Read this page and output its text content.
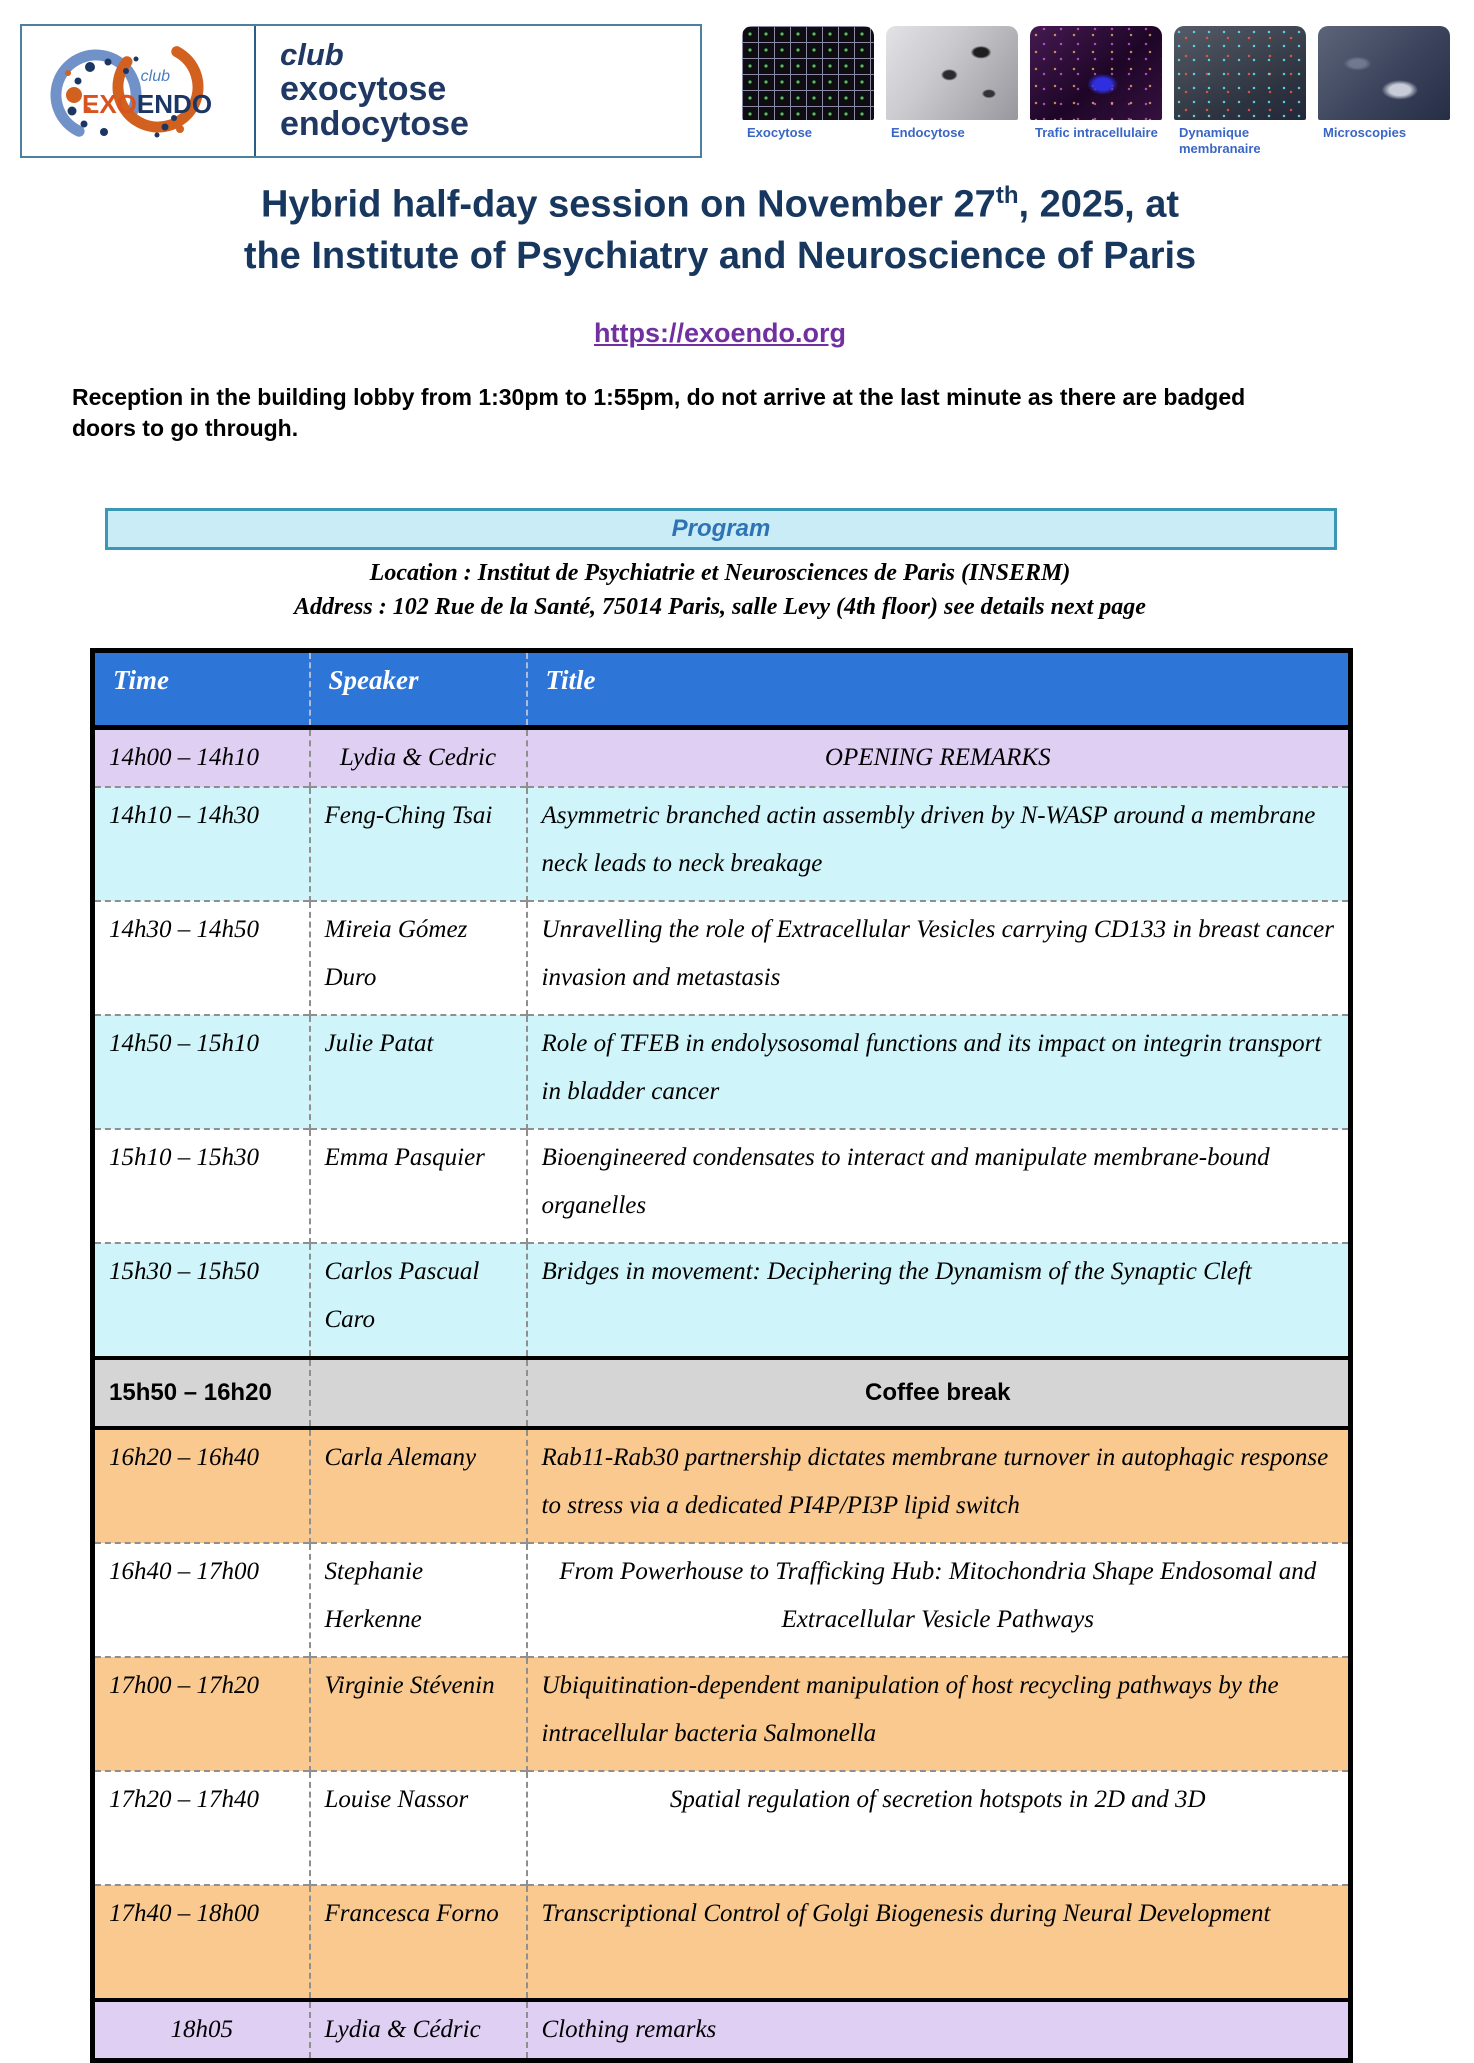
club
EXOENDO
club
exocytose
endocytose	Exocytose	Endocytose	Trafic intracellulaire	Dynamique membranaire
Microscopies
Hybrid half-day session on November 27th, 2025, at
the Institute of Psychiatry and Neuroscience of Paris
https://exoendo.org
Reception in the building lobby from 1:30pm to 1:55pm, do not arrive at the last minute as there are badged doors to go through.
Program
Location : Institut de Psychiatrie et Neurosciences de Paris (INSERM)
Address : 102 Rue de la Santé, 75014 Paris, salle Levy (4th floor) see details next page
Time	Speaker	Title
14h00 – 14h10	Lydia & Cedric	OPENING REMARKS
14h10 – 14h30	Feng-Ching Tsai	Asymmetric branched actin assembly driven by N-WASP around a membrane neck leads to neck breakage
14h30 – 14h50	Mireia Gómez Duro	Unravelling the role of Extracellular Vesicles carrying CD133 in breast cancer invasion and metastasis
14h50 – 15h10	Julie Patat	Role of TFEB in endolysosomal functions and its impact on integrin transport in bladder cancer
15h10 – 15h30	Emma Pasquier	Bioengineered condensates to interact and manipulate membrane-bound organelles
15h30 – 15h50	Carlos Pascual Caro	Bridges in movement: Deciphering the Dynamism of the Synaptic Cleft
15h50 – 16h20		Coffee break
16h20 – 16h40	Carla Alemany	Rab11-Rab30 partnership dictates membrane turnover in autophagic response to stress via a dedicated PI4P/PI3P lipid switch
16h40 – 17h00	Stephanie Herkenne	From Powerhouse to Trafficking Hub: Mitochondria Shape Endosomal and Extracellular Vesicle Pathways
17h00 – 17h20	Virginie Stévenin	Ubiquitination-dependent manipulation of host recycling pathways by the intracellular bacteria Salmonella
17h20 – 17h40	Louise Nassor	Spatial regulation of secretion hotspots in 2D and 3D
17h40 – 18h00	Francesca Forno	Transcriptional Control of Golgi Biogenesis during Neural Development
18h05	Lydia & Cédric	Clothing remarks
